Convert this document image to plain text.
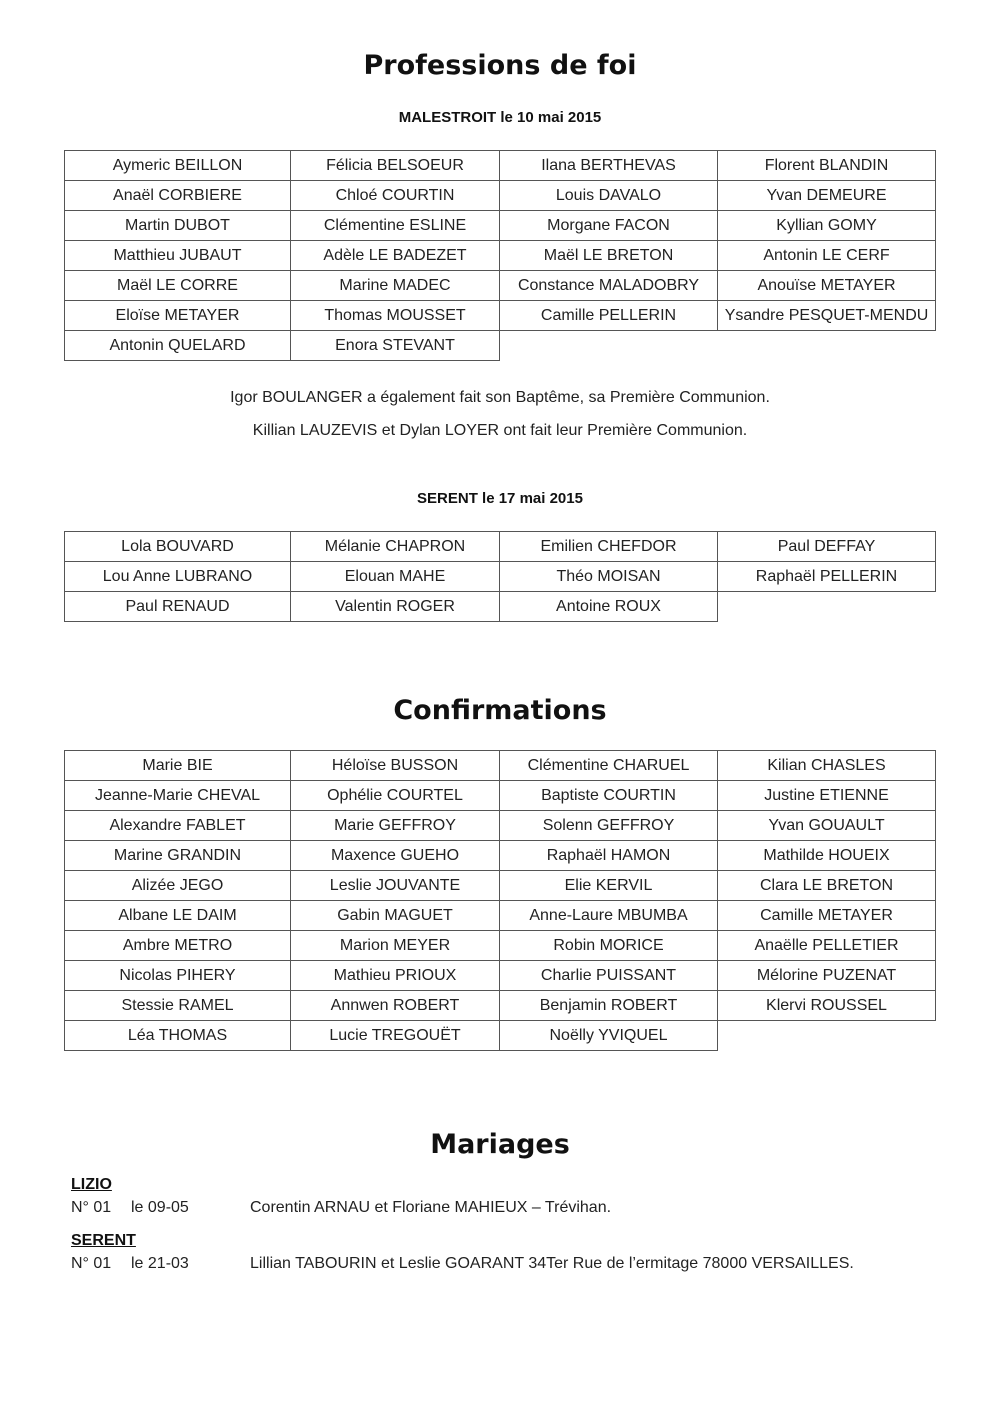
Professions de foi
MALESTROIT le 10 mai 2015
Aymeric BEILLON	Félicia BELSOEUR	Ilana BERTHEVAS	Florent BLANDIN
Anaël CORBIERE	Chloé COURTIN	Louis DAVALO	Yvan DEMEURE
Martin DUBOT	Clémentine ESLINE	Morgane FACON	Kyllian GOMY
Matthieu JUBAUT	Adèle LE BADEZET	Maël LE BRETON	Antonin LE CERF
Maël LE CORRE	Marine MADEC	Constance MALADOBRY	Anouïse METAYER
Eloïse METAYER	Thomas MOUSSET	Camille PELLERIN	Ysandre PESQUET-MENDU
Antonin QUELARD	Enora STEVANT		
Igor BOULANGER a également fait son Baptême, sa Première Communion.
Killian LAUZEVIS et Dylan LOYER ont fait leur Première Communion.
SERENT le 17 mai 2015
Lola BOUVARD	Mélanie CHAPRON	Emilien CHEFDOR	Paul DEFFAY
Lou Anne LUBRANO	Elouan MAHE	Théo MOISAN	Raphaël PELLERIN
Paul RENAUD	Valentin ROGER	Antoine ROUX	
Confirmations
Marie BIE	Héloïse BUSSON	Clémentine CHARUEL	Kilian CHASLES
Jeanne-Marie CHEVAL	Ophélie COURTEL	Baptiste COURTIN	Justine ETIENNE
Alexandre FABLET	Marie GEFFROY	Solenn GEFFROY	Yvan GOUAULT
Marine GRANDIN	Maxence GUEHO	Raphaël HAMON	Mathilde HOUEIX
Alizée JEGO	Leslie JOUVANTE	Elie KERVIL	Clara LE BRETON
Albane LE DAIM	Gabin MAGUET	Anne-Laure MBUMBA	Camille METAYER
Ambre METRO	Marion MEYER	Robin MORICE	Anaëlle PELLETIER
Nicolas PIHERY	Mathieu PRIOUX	Charlie PUISSANT	Mélorine PUZENAT
Stessie RAMEL	Annwen ROBERT	Benjamin ROBERT	Klervi ROUSSEL
Léa THOMAS	Lucie TREGOUËT	Noëlly YVIQUEL	
Mariages
LIZIO
N° 01 le 09-05	Corentin ARNAU et Floriane MAHIEUX – Trévihan.
SERENT
N° 01 le 21-03	Lillian TABOURIN et Leslie GOARANT 34Ter Rue de l’ermitage 78000 VERSAILLES.
